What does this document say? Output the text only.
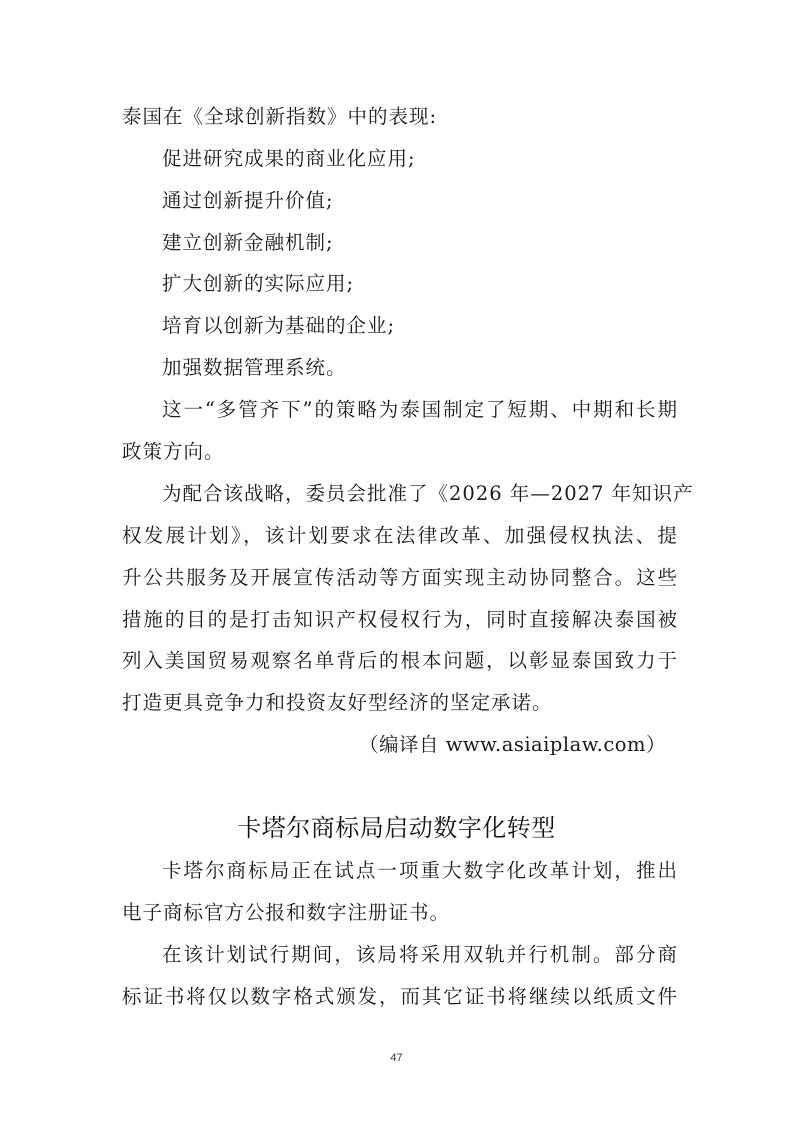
泰国在《全球创新指数》中的表现:
促进研究成果的商业化应用;
通过创新提升价值;
建立创新金融机制;
扩大创新的实际应用;
培育以创新为基础的企业;
加强数据管理系统。
这一“多管齐下”的策略为泰国制定了短期、中期和长期
政策方向。
为配合该战略，委员会批准了《2026 年—2027 年知识产
权发展计划》，该计划要求在法律改革、加强侵权执法、提
升公共服务及开展宣传活动等方面实现主动协同整合。这些
措施的目的是打击知识产权侵权行为，同时直接解决泰国被
列入美国贸易观察名单背后的根本问题，以彰显泰国致力于
打造更具竞争力和投资友好型经济的坚定承诺。
（编译自 www.asiaiplaw.com）
卡塔尔商标局启动数字化转型
卡塔尔商标局正在试点一项重大数字化改革计划，推出
电子商标官方公报和数字注册证书。
在该计划试行期间，该局将采用双轨并行机制。部分商
标证书将仅以数字格式颁发，而其它证书将继续以纸质文件
47
